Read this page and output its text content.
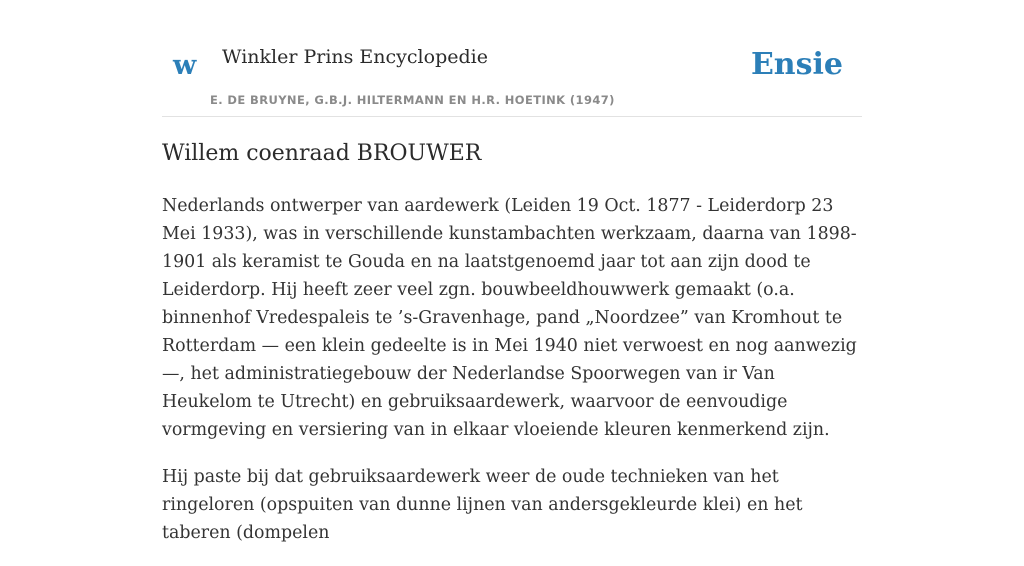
w Winkler Prins Encyclopedie
E. DE BRUYNE, G.B.J. HILTERMANN EN H.R. HOETINK (1947)
Ensie
Willem coenraad BROUWER

Nederlands ontwerper van aardewerk (Leiden 19 Oct. 1877 - Leiderdorp 23 Mei 1933), was in verschillende kunstambachten werkzaam, daarna van 1898-1901 als keramist te Gouda en na laatstgenoemd jaar tot aan zijn dood te Leiderdorp. Hij heeft zeer veel zgn. bouwbeeldhouwwerk gemaakt (o.a. binnenhof Vredespaleis te ’s-Gravenhage, pand „Noordzee” van Kromhout te Rotterdam — een klein gedeelte is in Mei 1940 niet verwoest en nog aanwezig —, het administratiegebouw der Nederlandse Spoorwegen van ir Van Heukelom te Utrecht) en gebruiksaardewerk, waarvoor de eenvoudige vormgeving en versiering van in elkaar vloeiende kleuren kenmerkend zijn.

Hij paste bij dat gebruiksaardewerk weer de oude technieken van het ringeloren (opspuiten van dunne lijnen van andersgekleurde klei) en het taberen (dompelen
